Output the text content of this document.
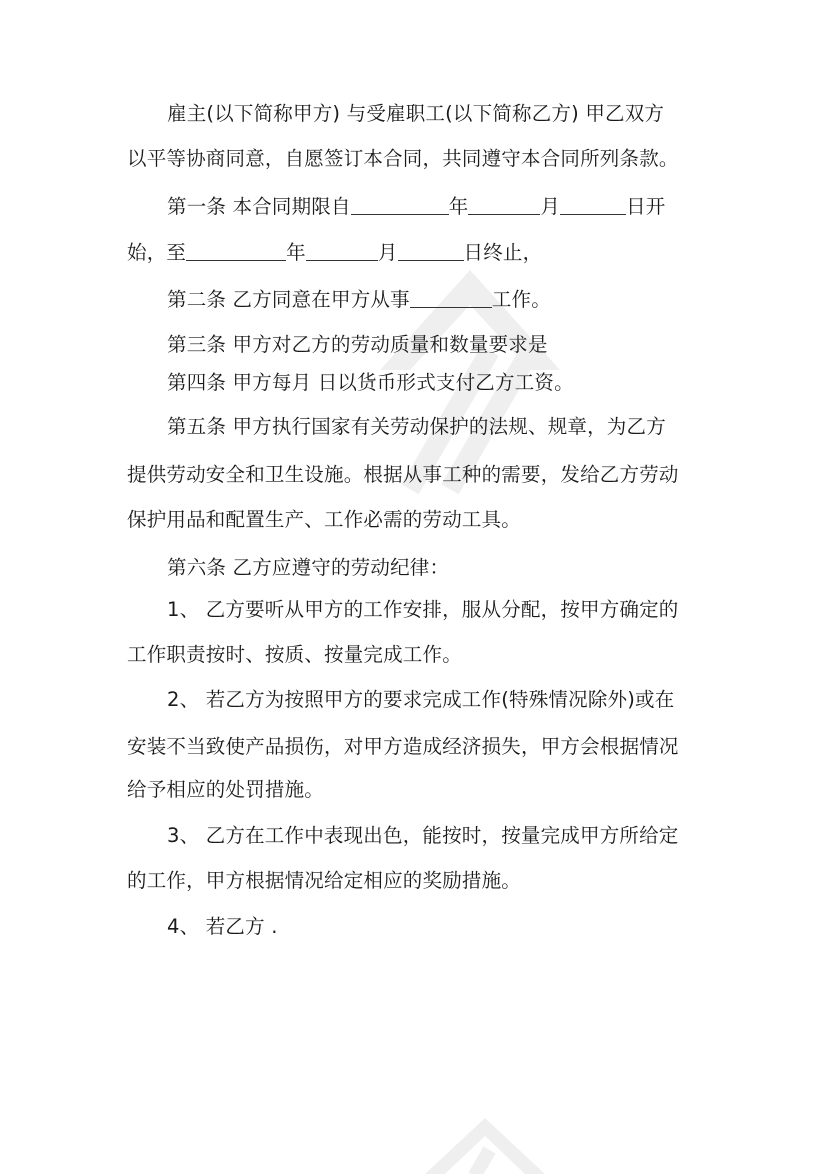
雇主(以下简称甲方) 与受雇职工(以下简称乙方) 甲乙双方
以平等协商同意，自愿签订本合同，共同遵守本合同所列条款。
第一条 本合同期限自	年	月	日开
始，至	年	月	日终止，
第二条 乙方同意在甲方从事	工作。
第三条 甲方对乙方的劳动质量和数量要求是
第四条 甲方每月 日以货币形式支付乙方工资。
第五条 甲方执行国家有关劳动保护的法规、规章，为乙方
提供劳动安全和卫生设施。根据从事工种的需要，发给乙方劳动
保护用品和配置生产、工作必需的劳动工具。
第六条 乙方应遵守的劳动纪律：
1、 乙方要听从甲方的工作安排，服从分配，按甲方确定的
工作职责按时、按质、按量完成工作。
2、 若乙方为按照甲方的要求完成工作(特殊情况除外)或在
安装不当致使产品损伤，对甲方造成经济损失，甲方会根据情况
给予相应的处罚措施。
3、 乙方在工作中表现出色，能按时，按量完成甲方所给定
的工作，甲方根据情况给定相应的奖励措施。
4、 若乙方 .
